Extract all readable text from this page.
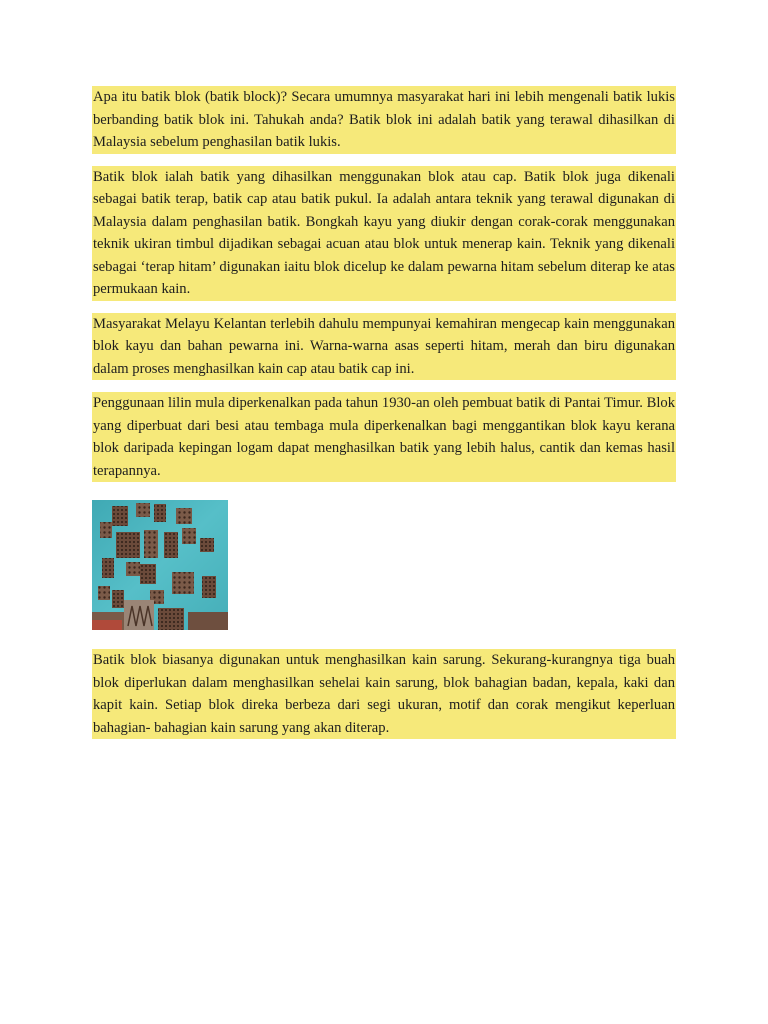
Apa itu batik blok (batik block)? Secara umumnya masyarakat hari ini lebih mengenali batik lukis berbanding batik blok ini. Tahukah anda? Batik blok ini adalah batik yang terawal dihasilkan di Malaysia sebelum penghasilan batik lukis.

Batik blok ialah batik yang dihasilkan menggunakan blok atau cap. Batik blok juga dikenali sebagai batik terap, batik cap atau batik pukul. Ia adalah antara teknik yang terawal digunakan di Malaysia dalam penghasilan batik. Bongkah kayu yang diukir dengan corak-corak menggunakan teknik ukiran timbul dijadikan sebagai acuan atau blok untuk menerap kain. Teknik yang dikenali sebagai ‘terap hitam’ digunakan iaitu blok dicelup ke dalam pewarna hitam sebelum diterap ke atas permukaan kain.

Masyarakat Melayu Kelantan terlebih dahulu mempunyai kemahiran mengecap kain menggunakan blok kayu dan bahan pewarna ini. Warna-warna asas seperti hitam, merah dan biru digunakan dalam proses menghasilkan kain cap atau batik cap ini.

Penggunaan lilin mula diperkenalkan pada tahun 1930-an oleh pembuat batik di Pantai Timur. Blok yang diperbuat dari besi atau tembaga mula diperkenalkan bagi menggantikan blok kayu kerana blok daripada kepingan logam dapat menghasilkan batik yang lebih halus, cantik dan kemas hasil terapannya.

Batik blok biasanya digunakan untuk menghasilkan kain sarung. Sekurang-kurangnya tiga buah blok diperlukan dalam menghasilkan sehelai kain sarung, blok bahagian badan, kepala, kaki dan kapit kain. Setiap blok direka berbeza dari segi ukuran, motif dan corak mengikut keperluan bahagian- bahagian kain sarung yang akan diterap.
